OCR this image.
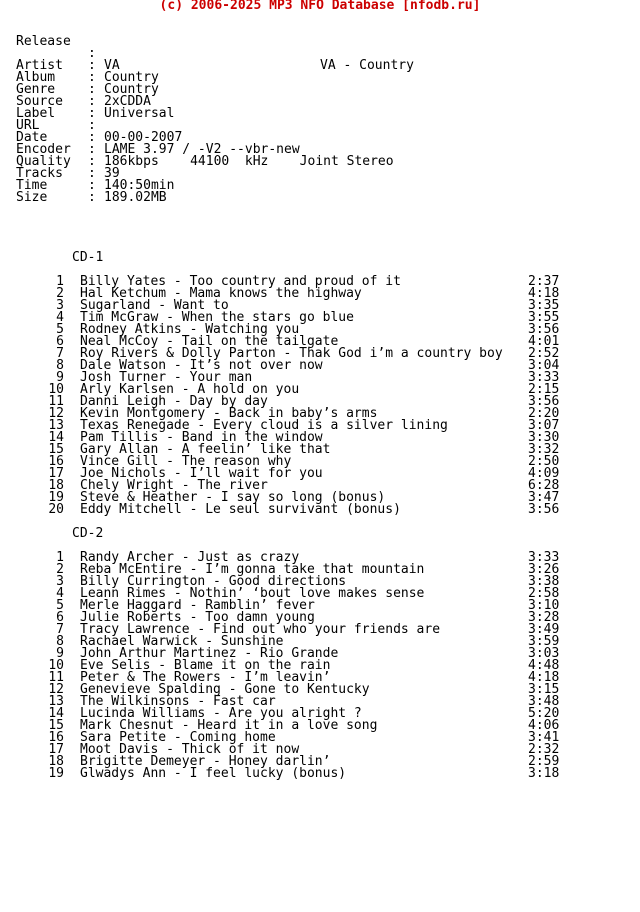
(c) 2006-2025 MP3 NFO Database [nfodb.ru]

Release

:

VA - Country

Artist : VA
Album	: Country
Genre	: Country
Source : 2xCDDA
Label	: Universal
URL	:
Date	: 00-00-2007
Encoder : LAME 3.97 / -V2 --vbr-new
Quality : 186kbps    44100  kHz    Joint Stereo
Tracks : 39
Time	: 140:50min
Size	: 189.02MB
CD-1
1 Billy Yates - Too country and proud of it	2:37
2 Hal Ketchum - Mama knows the highway	4:18
3 Sugarland - Want to	3:35
4 Tim McGraw - When the stars go blue	3:55
5 Rodney Atkins - Watching you	3:56
6 Neal McCoy - Tail on the tailgate	4:01
7 Roy Rivers & Dolly Parton - Thak God i’m a country boy 2:52
8 Dale Watson - It’s not over now	3:04
9 Josh Turner - Your man	3:33
10 Arly Karlsen - A hold on you	2:15
11 Danni Leigh - Day by day	3:56
12 Kevin Montgomery - Back in baby’s arms	2:20
13 Texas Renegade - Every cloud is a silver lining	3:07
14 Pam Tillis - Band in the window	3:30
15 Gary Allan - A feelin’ like that	3:32
16 Vince Gill - The reason why	2:50
17 Joe Nichols - I’ll wait for you	4:09
18 Chely Wright - The river	6:28
19 Steve & Heather - I say so long (bonus)	3:47
20 Eddy Mitchell - Le seul survivant (bonus)	3:56
CD-2
1 Randy Archer - Just as crazy	3:33
2 Reba McEntire - I’m gonna take that mountain	3:26
3 Billy Currington - Good directions	3:38
4 Leann Rimes - Nothin’ ‘bout love makes sense	2:58
5 Merle Haggard - Ramblin’ fever	3:10
6 Julie Roberts - Too damn young	3:28
7 Tracy Lawrence - Find out who your friends are	3:49
8 Rachael Warwick - Sunshine	3:59
9 John Arthur Martinez - Rio Grande	3:03
10 Eve Selis - Blame it on the rain	4:48
11 Peter & The Rowers - I’m leavin’	4:18
12 Genevieve Spalding - Gone to Kentucky	3:15
13 The Wilkinsons - Fast car	3:48
14 Lucinda Williams - Are you alright ?	5:20
15 Mark Chesnut - Heard it in a love song	4:06
16 Sara Petite - Coming home	3:41
17 Moot Davis - Thick of it now	2:32
18 Brigitte Demeyer - Honey darlin’	2:59
19 Glwadys Ann - I feel lucky (bonus)	3:18
